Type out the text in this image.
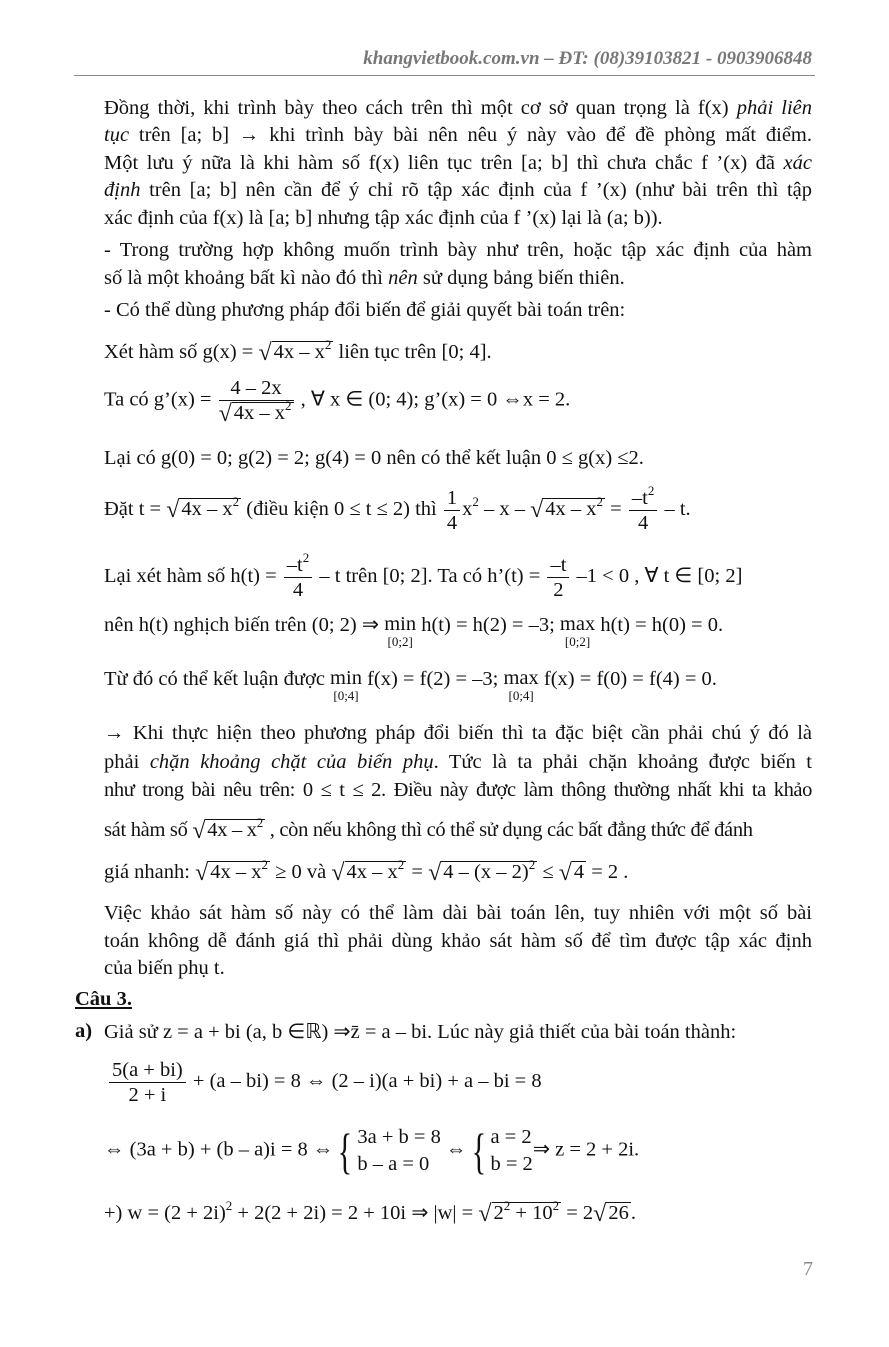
khangvietbook.com.vn – ĐT: (08)39103821 - 0903906848
Đồng thời, khi trình bày theo cách trên thì một cơ sở quan trọng là f(x) phải liên
tục trên [a; b] → khi trình bày bài nên nêu ý này vào để đề phòng mất điểm.
Một lưu ý nữa là khi hàm số f(x) liên tục trên [a; b] thì chưa chắc f ’(x) đã xác
định trên [a; b] nên cần để ý chỉ rõ tập xác định của f ’(x) (như bài trên thì tập
xác định của f(x) là [a; b] nhưng tập xác định của f ’(x) lại là (a; b)).
- Trong trường hợp không muốn trình bày như trên, hoặc tập xác định của hàm
số là một khoảng bất kì nào đó thì nên sử dụng bảng biến thiên.
- Có thể dùng phương pháp đổi biến để giải quyết bài toán trên:
Xét hàm số $g(x) = √4x - x^2$ liên tục trên [0; 4].
Ta có g’(x) = $\frac{4 - 2x}{√4x - x^2}$ , ∀ x ∈ (0; 4); g’(x) = 0 ⇔x = 2.
Lại có g(0) = 0; g(2) = 2; g(4) = 0 nên có thể kết luận 0 ≤ g(x) ≤2.
Đặt $t = √4x - x^2$ (điều kiện 0 ≤ t ≤ 2) thì $\frac{1}{4} x^2 - x - √4x - x^2 = \frac{-t^2}{4} - t$.
Lại xét hàm số $h(t) = \frac{-t^2}{4} - t$ trên [0; 2]. Ta có h’(t) = $\frac{-t}{2} -1 < 0$ , ∀ t ∈ [0; 2]
nên h(t) nghịch biến trên (0; 2) ⇒ min
[0;2]
h(t) = h(2) = –3; max
[0;2]
h(t) = h(0) = 0.
Từ đó có thể kết luận được min
[0;4]
f(x) = f(2) = –3; max
[0;4]
f(x) = f(0) = f(4) = 0.
→ Khi thực hiện theo phương pháp đổi biến thì ta đặc biệt cần phải chú ý đó là
phải chặn khoảng chặt của biến phụ. Tức là ta phải chặn khoảng được biến t
như trong bài nêu trên: 0 ≤ t ≤ 2. Điều này được làm thông thường nhất khi ta khảo
sát hàm số $√4x - x^2$ , còn nếu không thì có thể sử dụng các bất đẳng thức để đánh
giá nhanh: $√4x - x^2 \ge 0$ và $√4x - x^2 = √4 - (x - 2)^2 \le √4 = 2$ .
Việc khảo sát hàm số này có thể làm dài bài toán lên, tuy nhiên với một số bài
toán không dễ đánh giá thì phải dùng khảo sát hàm số để tìm được tập xác định
của biến phụ t.
Câu 3.
a) Giả sử z = a + bi (a, b ∈ℝ) ⇒z̄ = a – bi. Lúc này giả thiết của bài toán thành:
$\frac{5(a + bi)}{2 + i} + (a - bi) = 8$ ⇔ (2 – i)(a + bi) + a – bi = 8
⇔ (3a + b) + (b – a)i = 8 ⇔ { 3a + b = 8
b – a = 0
⇔ { a = 2
b = 2
⇒ z = 2 + 2i.
+) $w = (2 + 2i)^2 + 2(2 + 2i) = 2 + 10i$ ⇒ $|w| = √2^2 + 10^2 = 2√26$.
7
